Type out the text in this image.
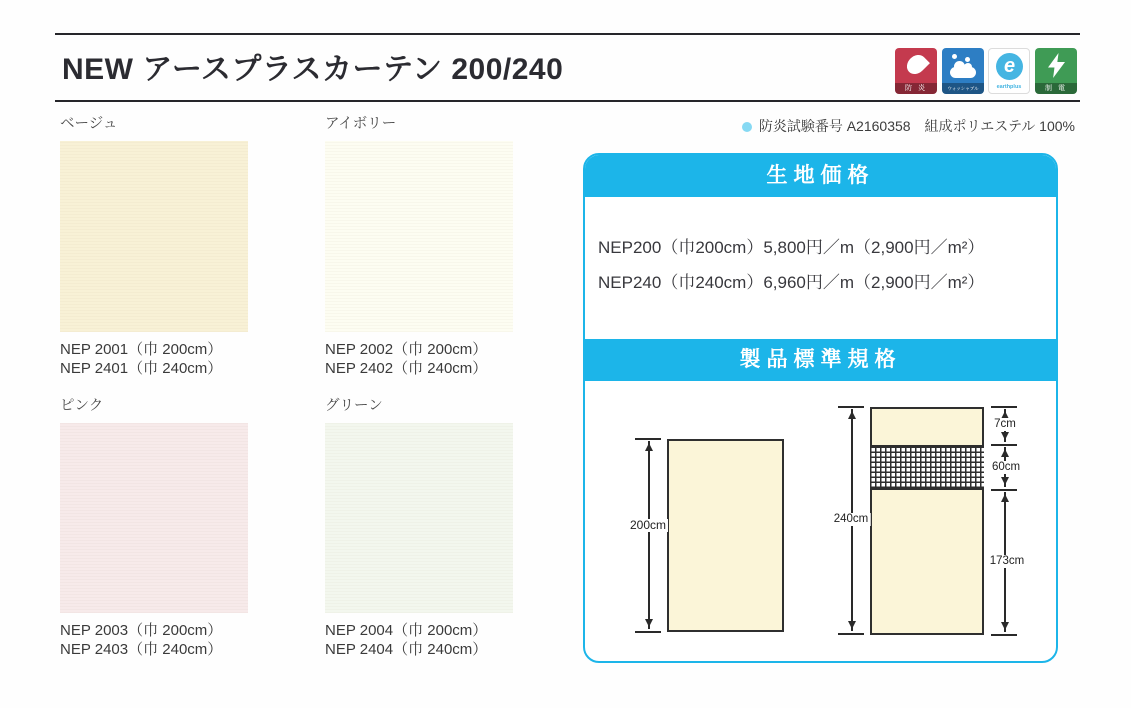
NEW アースプラスカーテン 200/240
防 炎	ウォッシャブル
e
earthplus	制 電
防炎試験番号 A2160358　組成ポリエステル 100%
ベージュ
NEP 2001（巾 200cm）
NEP 2401（巾 240cm）
アイボリー
NEP 2002（巾 200cm）
NEP 2402（巾 240cm）
ピンク
NEP 2003（巾 200cm）
NEP 2403（巾 240cm）
グリーン
NEP 2004（巾 200cm）
NEP 2404（巾 240cm）
生地価格
NEP200（巾200cm）5,800円／m（2,900円／m²）
NEP240（巾240cm）6,960円／m（2,900円／m²）
製品標準規格
200cm	240cm
7cm
60cm
173cm
